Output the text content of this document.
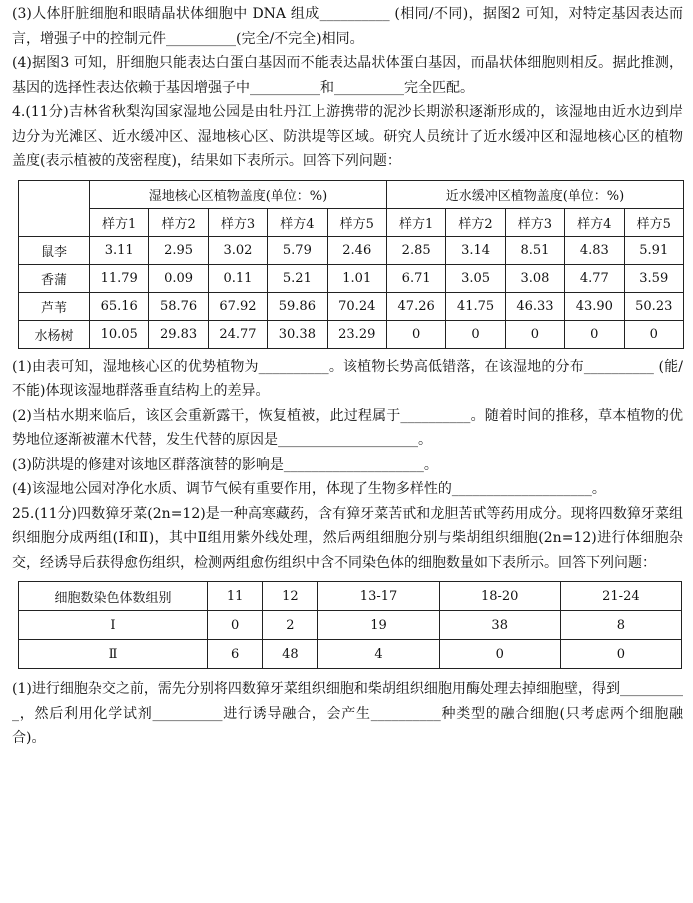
(3)人体肝脏细胞和眼睛晶状体细胞中 DNA 组成__________ (相同/不同)，据图2 可知，对特定基因表达而言，增强子中的控制元件__________(完全/不完全)相同。

(4)据图3 可知，肝细胞只能表达白蛋白基因而不能表达晶状体蛋白基因，而晶状体细胞则相反。据此推测，基因的选择性表达依赖于基因增强子中__________和__________完全匹配。

4.(11分)吉林省秋梨沟国家湿地公园是由牡丹江上游携带的泥沙长期淤积逐渐形成的，该湿地由近水边到岸边分为光滩区、近水缓冲区、湿地核心区、防洪堤等区域。研究人员统计了近水缓冲区和湿地核心区的植物盖度(表示植被的茂密程度)，结果如下表所示。回答下列问题：

	湿地核心区植物盖度(单位：%)					近水缓冲区植物盖度(单位：%)				
	样方1	样方2	样方3	样方4	样方5	样方1	样方2	样方3	样方4	样方5
鼠李	3.11	2.95	3.02	5.79	2.46	2.85	3.14	8.51	4.83	5.91
香蒲	11.79	0.09	0.11	5.21	1.01	6.71	3.05	3.08	4.77	3.59
芦苇	65.16	58.76	67.92	59.86	70.24	47.26	41.75	46.33	43.90	50.23
水杨树	10.05	29.83	24.77	30.38	23.29	0	0	0	0	0

(1)由表可知，湿地核心区的优势植物为__________。该植物长势高低错落，在该湿地的分布__________ (能/不能)体现该湿地群落垂直结构上的差异。

(2)当枯水期来临后，该区会重新露干，恢复植被，此过程属于__________。随着时间的推移，草本植物的优势地位逐渐被灌木代替，发生代替的原因是____________________。

(3)防洪堤的修建对该地区群落演替的影响是____________________。

(4)该湿地公园对净化水质、调节气候有重要作用，体现了生物多样性的____________________。

25.(11分)四数獐牙菜(2n=12)是一种高寒藏药，含有獐牙菜苦甙和龙胆苦甙等药用成分。现将四数獐牙菜组织细胞分成两组(Ⅰ和Ⅱ)，其中Ⅱ组用紫外线处理，然后两组细胞分别与柴胡组织细胞(2n=12)进行体细胞杂交，经诱导后获得愈伤组织，检测两组愈伤组织中含不同染色体的细胞数量如下表所示。回答下列问题：

细胞数染色体数组别	11	12	13-17	18-20	21-24
Ⅰ	0	2	19	38	8
Ⅱ	6	48	4	0	0

(1)进行细胞杂交之前，需先分别将四数獐牙菜组织细胞和柴胡组织细胞用酶处理去掉细胞壁，得到__________，然后利用化学试剂__________进行诱导融合，会产生__________种类型的融合细胞(只考虑两个细胞融合)。
